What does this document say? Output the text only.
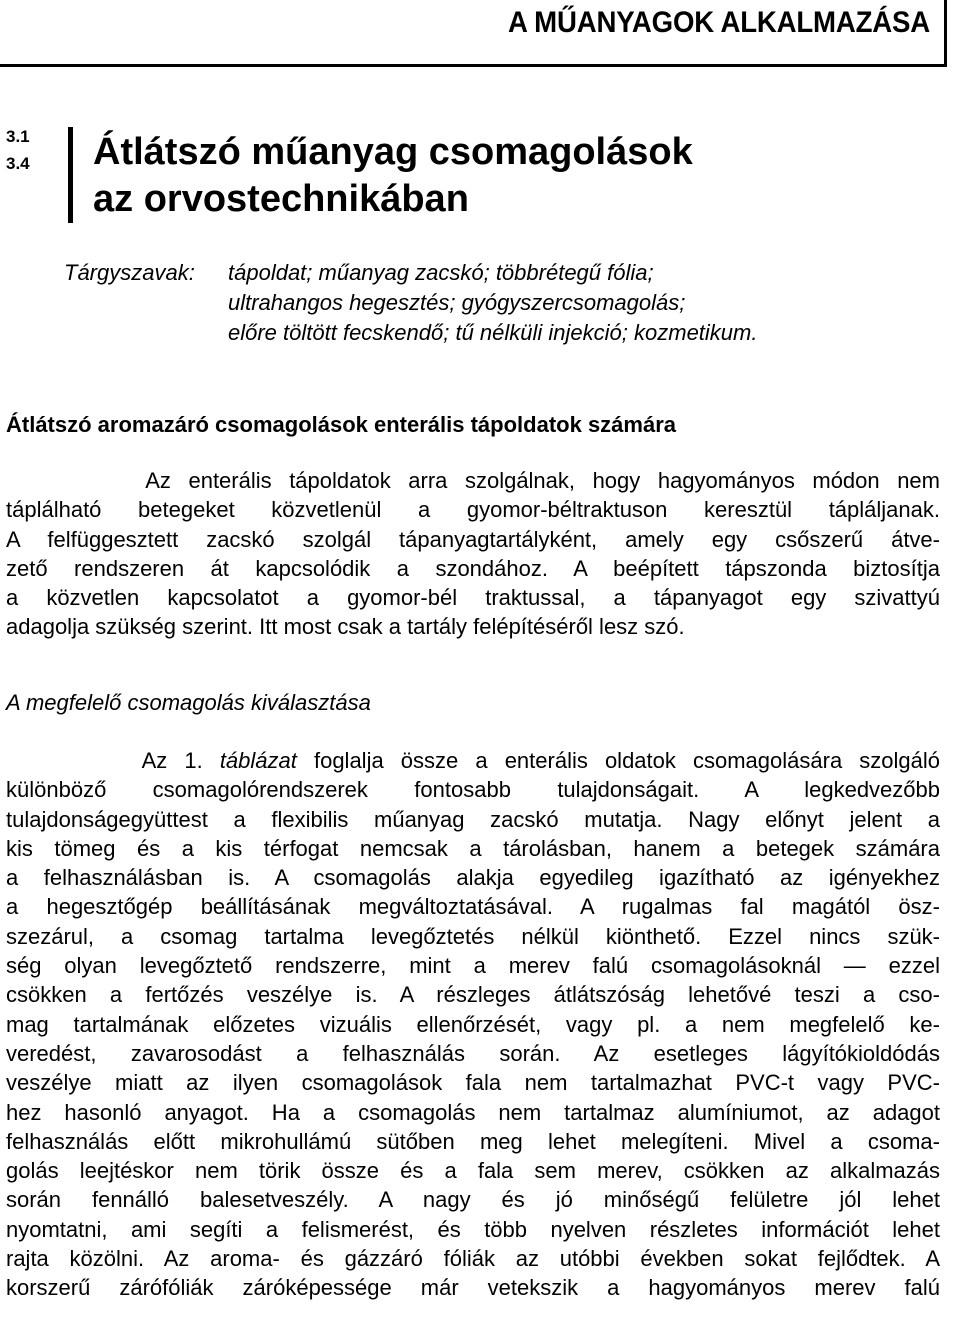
A MŰANYAGOK ALKALMAZÁSA
3.1
3.4 Átlátszó műanyag csomagolások
az orvostechnikában
Tárgyszavak: tápoldat; műanyag zacskó; többrétegű fólia;
ultrahangos hegesztés; gyógyszercsomagolás;
előre töltött fecskendő; tű nélküli injekció; kozmetikum.
Átlátszó aromazáró csomagolások enterális tápoldatok számára
Az enterális tápoldatok arra szolgálnak, hogy hagyományos módon nem
táplálható betegeket közvetlenül a gyomor-béltraktuson keresztül tápláljanak.
A felfüggesztett zacskó szolgál tápanyagtartályként, amely egy csőszerű átve-
zető rendszeren át kapcsolódik a szondához. A beépített tápszonda biztosítja
a közvetlen kapcsolatot a gyomor-bél traktussal, a tápanyagot egy szivattyú
adagolja szükség szerint. Itt most csak a tartály felépítéséről lesz szó.
A megfelelő csomagolás kiválasztása
Az 1. táblázat foglalja össze a enterális oldatok csomagolására szolgáló
különböző csomagolórendszerek fontosabb tulajdonságait. A legkedvezőbb
tulajdonságegyüttest a flexibilis műanyag zacskó mutatja. Nagy előnyt jelent a
kis tömeg és a kis térfogat nemcsak a tárolásban, hanem a betegek számára
a felhasználásban is. A csomagolás alakja egyedileg igazítható az igényekhez
a hegesztőgép beállításának megváltoztatásával. A rugalmas fal magától ösz-
szezárul, a csomag tartalma levegőztetés nélkül kiönthető. Ezzel nincs szük-
ség olyan levegőztető rendszerre, mint a merev falú csomagolásoknál — ezzel
csökken a fertőzés veszélye is. A részleges átlátszóság lehetővé teszi a cso-
mag tartalmának előzetes vizuális ellenőrzését, vagy pl. a nem megfelelő ke-
veredést, zavarosodást a felhasználás során. Az esetleges lágyítókioldódás
veszélye miatt az ilyen csomagolások fala nem tartalmazhat PVC-t vagy PVC-
hez hasonló anyagot. Ha a csomagolás nem tartalmaz alumíniumot, az adagot
felhasználás előtt mikrohullámú sütőben meg lehet melegíteni. Mivel a csoma-
golás leejtéskor nem törik össze és a fala sem merev, csökken az alkalmazás
során fennálló balesetveszély. A nagy és jó minőségű felületre jól lehet
nyomtatni, ami segíti a felismerést, és több nyelven részletes információt lehet
rajta közölni. Az aroma- és gázzáró fóliák az utóbbi években sokat fejlődtek. A
korszerű zárófóliák záróképessége már vetekszik a hagyományos merev falú
